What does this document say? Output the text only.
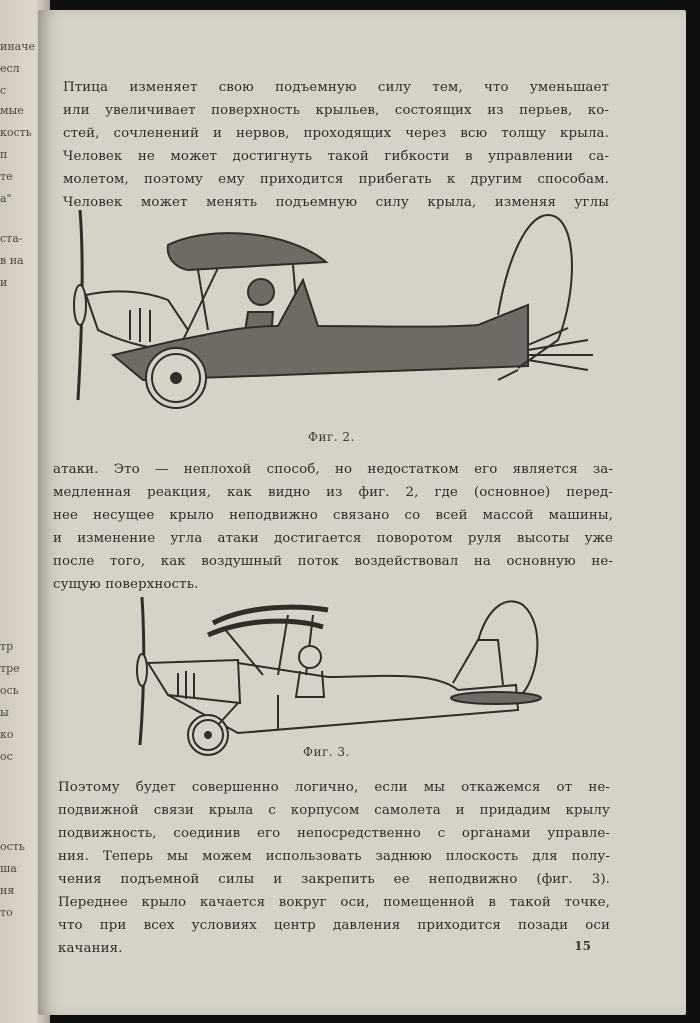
иначе
есл
с
мые
кость
п
те
а"
ста-
в на
и
тр
тре
ось
ы
ко
ос
ость
ша
ня
то
Птица изменяет свою подъемную силу тем, что уменьшает
или увеличивает поверхность крыльев, состоящих из перьев, ко-
стей, сочленений и нервов, проходящих через всю толщу крыла.
Человек не может достигнуть такой гибкости в управлении са-
молетом, поэтому ему приходится прибегать к другим способам.
Человек может менять подъемную силу крыла, изменяя углы
Фиг. 2.
атаки. Это — неплохой способ, но недостатком его является за-
медленная реакция, как видно из фиг. 2, где (основное) перед-
нее несущее крыло неподвижно связано со всей массой машины,
и изменение угла атаки достигается поворотом руля высоты уже
после того, как воздушный поток воздействовал на основную не-
сущую поверхность.
Фиг. 3.
Поэтому будет совершенно логично, если мы откажемся от не-
подвижной связи крыла с корпусом самолета и придадим крылу
подвижность, соединив его непосредственно с органами управле-
ния. Теперь мы можем использовать заднюю плоскость для полу-
чения подъемной силы и закрепить ее неподвижно (фиг. 3).
Переднее крыло качается вокруг оси, помещенной в такой точке,
что при всех условиях центр давления приходится позади оси
качания.	15
